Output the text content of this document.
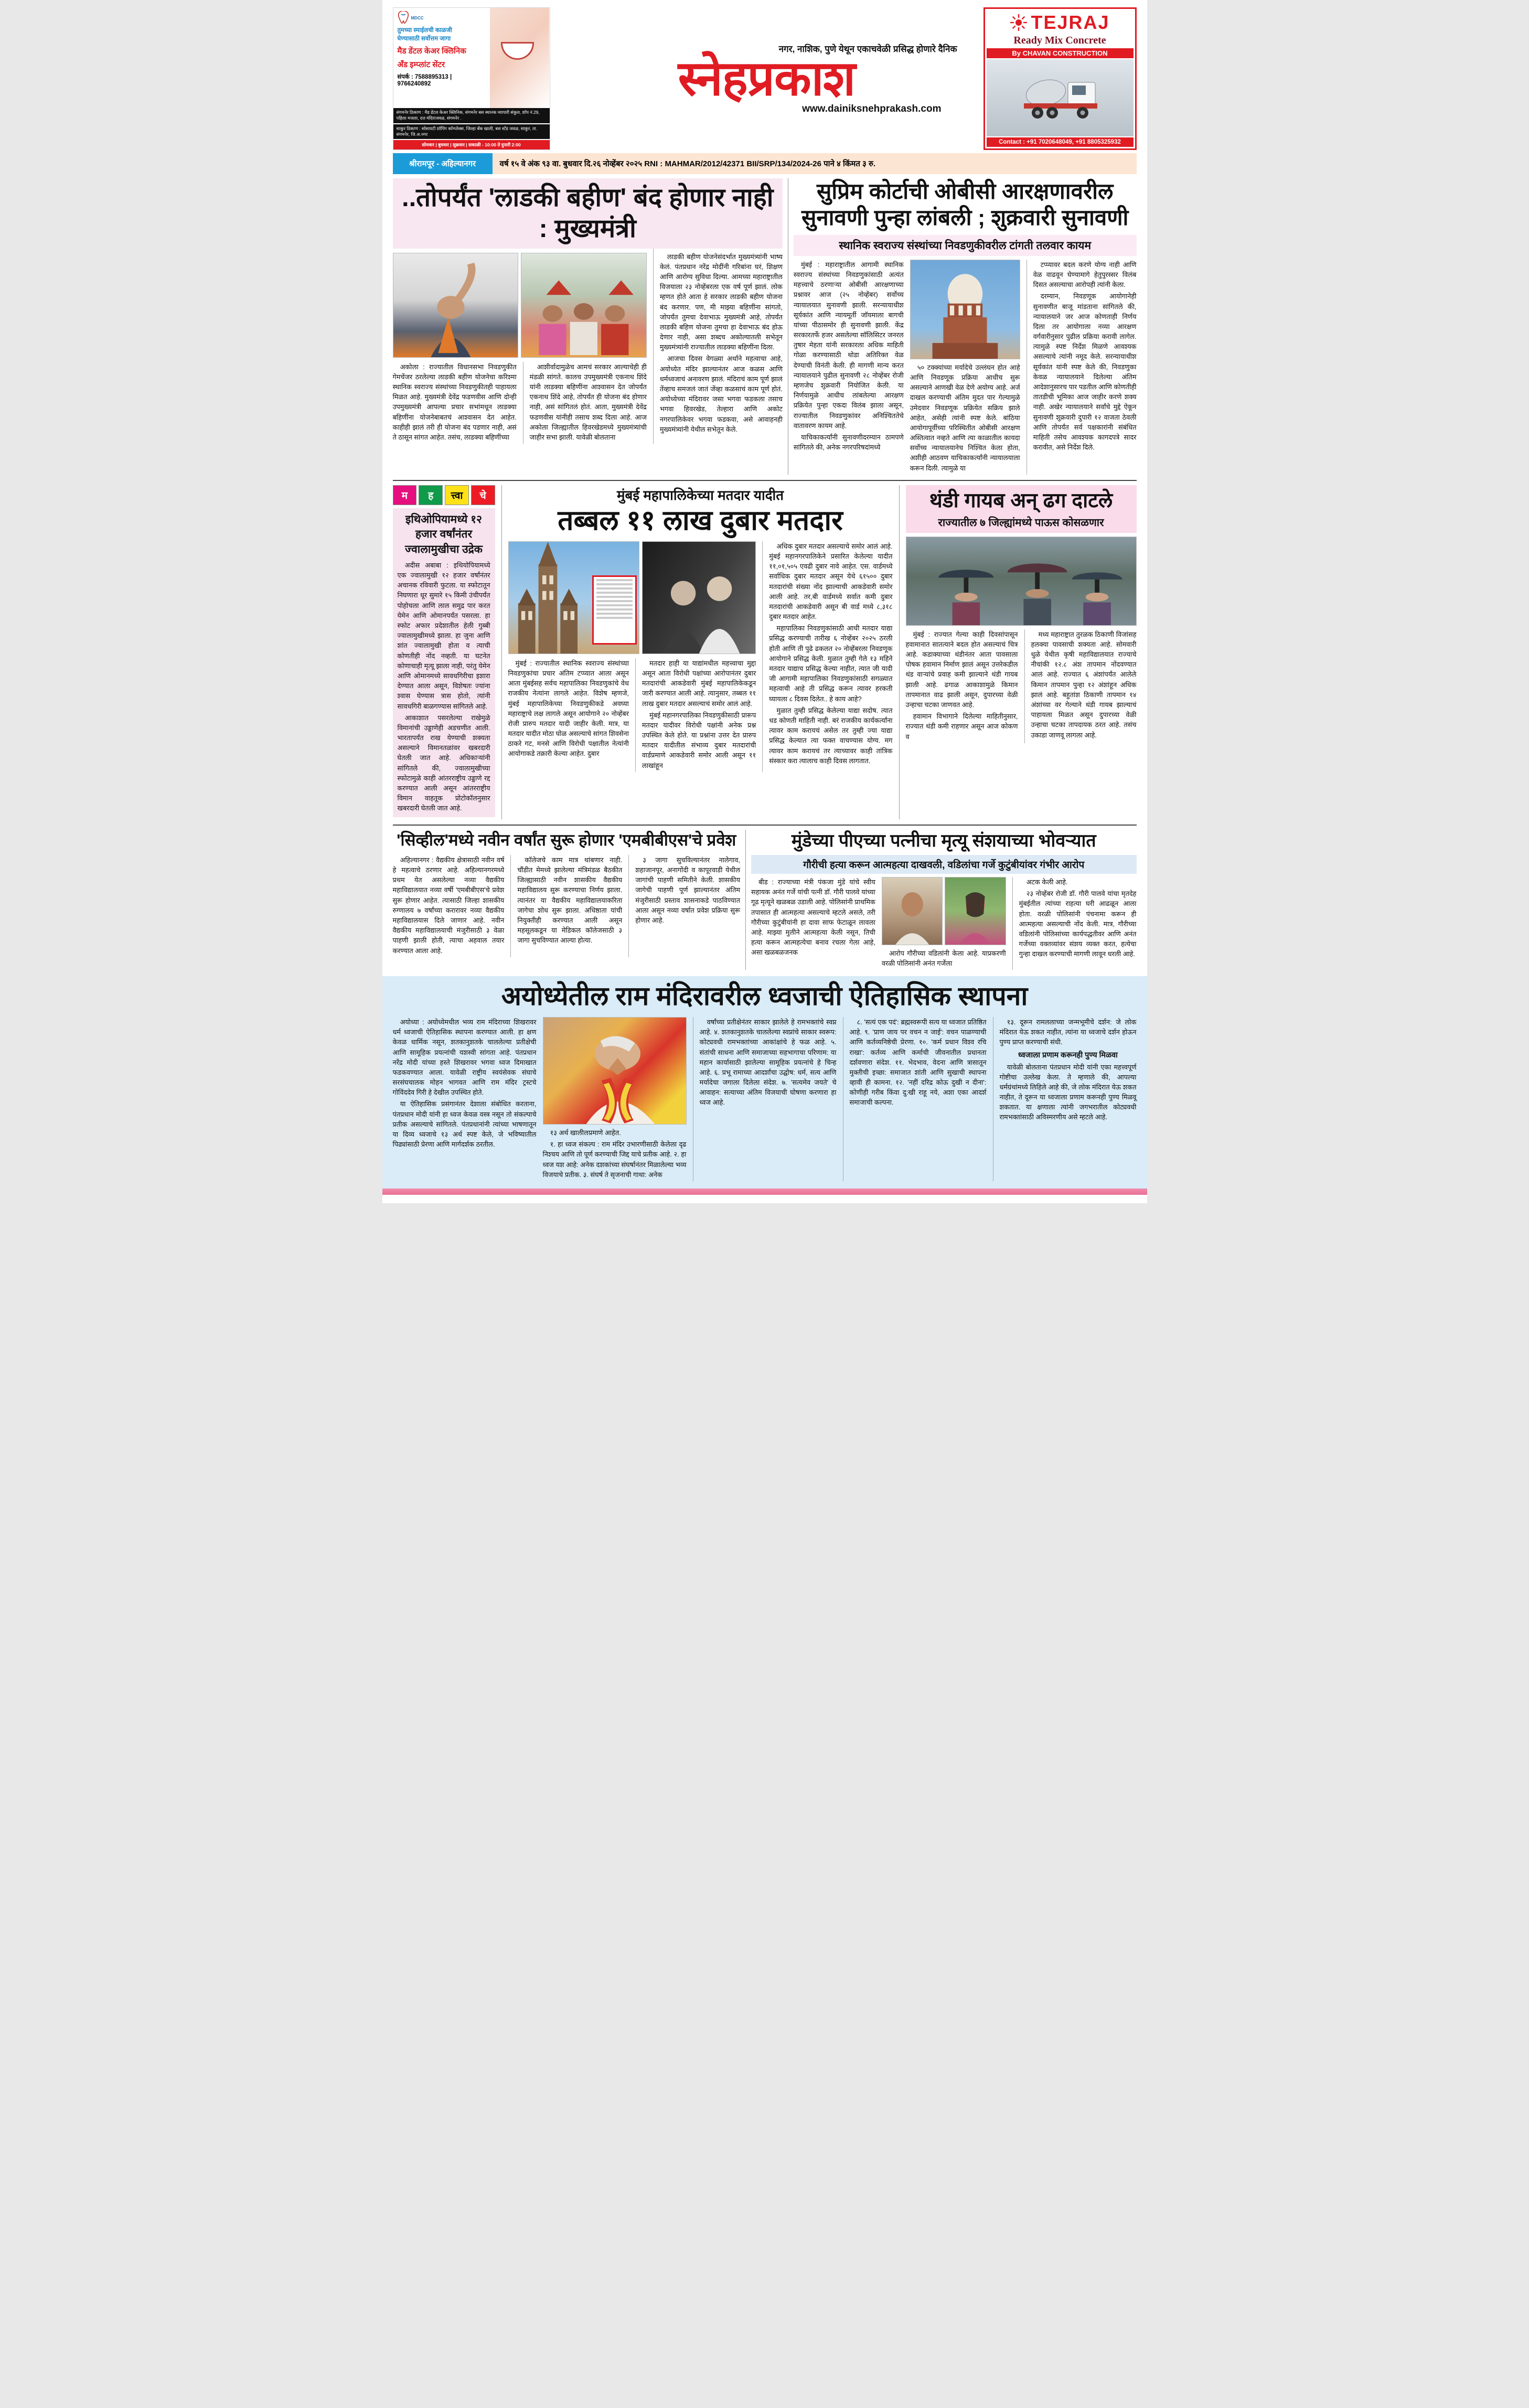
MDCC
तुमच्या स्माईलची काळजी
घेण्यासाठी सर्वोत्तम जागा
मैड डेंटल केअर क्लिनिक
अँड इम्प्लांट सेंटर
संपर्क : 7588895313 | 9766240892
संगमनेर ठिकाण : मैड डेंटल केअर क्लिनिक, संगमनेर बस स्थानक व्यापारी संकुल, शॉप नं.29, पहिला मजला, दत्त मंदिराजवळ, संगमनेर .
साकुर ठिकाण : सोसायटी शॉपिंग कॉम्प्लेक्स, जिल्हा बँक खाली, बस स्टँड जवळ, साकुर, ता. संगमनेर, जि.अ.नगर
सोमवार | बुधवार | शुक्रवार | सकाळी - 10:00 ते दुपारी 2:00
नगर, नाशिक, पुणे येथून एकाचवेळी प्रसिद्ध होणारे दैनिक
स्नेहप्रकाश
www.dainiksnehprakash.com
TEJRAJ
Ready Mix Concrete
By CHAVAN CONSTRUCTION
Contact : +91 7020648049, +91 8805325932
श्रीरामपूर - अहिल्यानगर	वर्ष १५ वे अंक ९३ वा. बुधवार दि.२६ नोव्हेंबर २०२५ RNI : MAHMAR/2012/42371 BII/SRP/134/2024-26 पाने ४ किंमत ३ रु.
..तोपर्यंत 'लाडकी बहीण' बंद होणार नाही : मुख्यमंत्री

अकोला : राज्यातील विधानसभा निवडणुकीत गेमचेंजर ठरलेल्या लाडकी बहीण योजनेचा करिश्मा स्थानिक स्वराज्य संस्थांच्या निवडणुकीतही पाहायला मिळत आहे. मुख्यमंत्री देवेंद्र फडणवीस आणि दोन्ही उपमुख्यमंत्री आपल्या प्रचार सभांमधून लाडक्या बहिणींना योजनेबाबतचं आश्वासन देत आहेत. काहीही झालं तरी ही योजना बंद पडणार नाही, असं ते ठासून सांगत आहेत. तसंच, लाडक्या बहिणींच्या

आशीर्वादामुळेच आमचं सरकार आल्याचेही ही मंडळी सांगते. कालच उपमुख्यमंत्री एकनाथ शिंदे यांनी लाडक्या बहिणींना आश्वासन देत जोपर्यंत एकनाथ शिंदे आहे, तोपर्यंत ही योजना बंद होणार नाही, असं सांगितलं होतं. आता, मुख्यमंत्री देवेंद्र फडणवीस यांनीही तसाच शब्द दिला आहे. आज अकोला जिल्ह्यातील हिवरखेडमध्ये मुख्यमंत्र्यांची जाहीर सभा झाली. यावेळी बोलताना

लाडकी बहीण योजनेसंदर्भात मुख्यमंत्र्यांनी भाष्य केलं. पंतप्रधान नरेंद्र मोदींनी गरिबांना घरं, शिक्षण आणि आरोग्य सुविधा दिल्या. आमच्या महाराष्ट्रातील विजयाला २३ नोव्हेंबरला एक वर्ष पूर्ण झालं. लोक म्हणत होते आता हे सरकार लाडकी बहीण योजना बंद करणार. पण, मी माझ्या बहिणींना सांगतो, जोपर्यंत तुमचा देवाभाऊ मुख्यमंत्री आहे, तोपर्यंत लाडकी बहिण योजना तुमचा हा देवाभाऊ बंद होऊ देणार नाही, असा शब्दच अकोल्यातली सभेतून मुख्यमंत्र्यांनी राज्यातील लाडक्या बहिणींना दिला.

आजचा दिवस वेगळ्या अर्थाने महत्वाचा आहे, अयोध्येत मंदिर झाल्यानंतर आज कळस आणि धर्मध्वजाचं अनावरण झालं. मंदिराचं काम पूर्ण झालं तेंव्हाच समजलं जातं जेंव्हा कळसाचं काम पूर्ण होतं. अयोध्येच्या मंदिरावर जसा भगवा फडकला तसाच भगवा हिवरखेड, तेल्हारा आणि अकोट नगरपालिकेवर भगवा फडकवा, असे आवाहनही मुख्यमंत्र्यांनी येथील सभेतून केले.

सुप्रिम कोर्टाची ओबीसी आरक्षणावरील सुनावणी पुन्हा लांबली ; शुक्रवारी सुनावणी
स्थानिक स्वराज्य संस्थांच्या निवडणुकीवरील टांगती तलवार कायम

मुंबई : महाराष्ट्रातील आगामी स्थानिक स्वराज्य संस्थांच्या निवडणुकांसाठी अत्यंत महत्त्वाचे ठरणाऱ्या ओबीसी आरक्षणाच्या प्रश्नावर आज (२५ नोव्हेंबर) सर्वोच्च न्यायालयात सुनावणी झाली. सरन्यायाधीश सूर्यकांत आणि न्यायमूर्ती जॉयमाला बागची यांच्या पीठासमोर ही सुनावणी झाली. केंद्र सरकारतर्फे हजर असलेल्या सॉलिसिटर जनरल तुषार मेहता यांनी सरकारला अधिक माहिती गोळा करण्यासाठी थोडा अतिरिक्त वेळ देण्याची विनंती केली. ही मागणी मान्य करत न्यायालयाने पुढील सुनावणी २८ नोव्हेंबर रोजी म्हणजेच शुक्रवारी नियोजित केली. या निर्णयामुळे आधीच लांबलेल्या आरक्षण प्रक्रियेत पुन्हा एकदा विलंब झाला असून, राज्यातील निवडणुकांवर अनिश्चिततेचे वातावरण कायम आहे.

याचिकाकर्त्यांनी सुनावणीदरम्यान ठामपणे सांगितले की, अनेक नगरपरिषदांमध्ये

५० टक्क्यांच्या मर्यादेचे उल्लंघन होत आहे आणि निवडणूक प्रक्रिया आधीच सुरू असल्याने आणखी वेळ देणे अयोग्य आहे. अर्ज दाखल करण्याची अंतिम मुदत पार गेल्यामुळे उमेदवार निवडणूक प्रक्रियेत सक्रिय झाले आहेत, असेही त्यांनी स्पष्ट केले. बांठिया आयोगापूर्वीच्या परिस्थितीत ओबीसी आरक्षण अस्तित्वात नव्हते आणि त्या काळातील कायदा सर्वोच्च न्यायालयानेच निश्चित केला होता, अशीही आठवण याचिकाकर्त्यांनी न्यायालयाला करून दिली. त्यामुळे या

टप्प्यावर बदल करणे योग्य नाही आणि वेळ वाढवून घेण्यामागे हेतुपुरस्सर विलंब दिसत असल्याचा आरोपही त्यांनी केला.

दरम्यान, निवडणूक आयोगानेही सुनावणीत बाजू मांडताना सांगितले की, न्यायालयाने जर आज कोणताही निर्णय दिला तर आयोगाला नव्या आरक्षण वर्गवारीनुसार पुढील प्रक्रिया करावी लागेल. त्यामुळे स्पष्ट निर्देश मिळणे आवश्यक असल्याचे त्यांनी नमूद केले. सरन्यायाधीश सूर्यकांत यांनी स्पष्ट केले की, निवडणुका केवळ न्यायालयाने दिलेल्या अंतिम आदेशानुसारच पार पडतील आणि कोणतीही तातडीची भूमिका आज जाहीर करणे शक्य नाही. अखेर न्यायालयाने सर्वांचे मुद्दे ऐकून सुनावणी शुक्रवारी दुपारी १२ वाजता ठेवली आणि तोपर्यंत सर्व पक्षकारांनी संबंधित माहिती तसेच आवश्यक कागदपत्रे सादर करावीत, असे निर्देश दिले.

म	ह	त्त्वा	चे
इथिओपियामध्ये १२ हजार वर्षांनंतर ज्वालामुखीचा उद्रेक

अदीस अबाबा : इथियोपियामध्ये एक ज्वालामुखी १२ हजार वर्षांनंतर अचानक रविवारी फुटला. या स्फोटातून निघणारा धूर सुमारे १५ किमी उंचीपर्यंत पोहोचला आणि लाल समुद्र पार करत येमेन आणि ओमानपर्यंत पसरला. हा स्फोट अफार प्रदेशातील हेली गुब्बी ज्वालामुखीमध्ये झाला. हा जुना आणि शांत ज्वालामुखी होता व त्याची कोणतीही नोंद नव्हती. या घटनेत कोणाचाही मृत्यू झाला नाही, परंतु येमेन आणि ओमानमध्ये सावधगिरीचा इशारा देण्यात आला असून, विशेषतः ज्यांना श्वास घेण्यास त्रास होतो, त्यांनी सावधगिरी बाळगण्यास सांगितले आहे.

आकाशात पसरलेल्या राखेमुळे विमानांची उड्डाणेही अडचणीत आली. भारतापर्यंत राख येण्याची शक्यता असल्याने विमानतळांवर खबरदारी घेतली जात आहे. अधिकाऱ्यांनी सांगितले की, ज्वालामुखीच्या स्फोटामुळे काही आंतरराष्ट्रीय उड्डाणे रद्द करण्यात आली असून आंतरराष्ट्रीय विमान वाहतूक प्रोटोकॉलनुसार खबरदारी घेतली जात आहे.

मुंबई महापालिकेच्या मतदार यादीत
तब्बल ११ लाख दुबार मतदार

मुंबई : राज्यातील स्थानिक स्वराज्य संस्थांच्या निवडणुकांचा प्रचार अंतिम टप्प्यात आला असून आता मुंबईसह सर्वच महापालिका निवडणुकांचे वेध राजकीय नेत्यांना लागले आहेत. विशेष म्हणजे, मुंबई महापालिकेच्या निवडणुकीकडे अवघ्या महाराष्ट्राचे लक्ष लागले असून आयोगाने २० नोव्हेंबर रोजी प्रारुप मतदार यादी जाहीर केली. मात्र, या मतदार यादीत मोठा घोळ असल्याचे सांगत शिवसेना ठाकरे गट, मनसे आणि विरोधी पक्षातील नेत्यांनी आयोगाकडे तक्रारी केल्या आहेत. दुबार

मतदार हाही या याद्यांमधील महत्त्वाचा मुद्दा असून आता विरोधी पक्षांच्या आरोपानंतर दुबार मतदारांची आकडेवारी मुंबई महापालिकेकडून जारी करण्यात आली आहे. त्यानुसार, तब्बल ११ लाख दुबार मतदार असल्याचं समोर आलं आहे.

मुंबई महानगरपालिका निवडणुकीसाठी प्रारूप मतदार यादीवर विरोधी पक्षांनी अनेक प्रश्न उपस्थित केले होते. या प्रश्नांना उत्तर देत प्रारुप मतदार यादीतील संभाव्य दुबार मतदारांची वार्डप्रमाणे आकडेवारी समोर आली असून ११ लाखांहून

अधिक दुबार मतदार असल्याचे समोर आलं आहे. मुंबई महानगरपालिकेने प्रसारित केलेल्या यादीत ११,०१,५०५ एवढी दुबार नावे आहेत. एस. वार्डमध्ये सर्वाधिक दुबार मतदार असून येथे ६१५०० दुबार मतदारांची संख्या नोंद झाल्याची आकडेवारी समोर आली आहे. तर,बी वार्डमध्ये सर्वात कमी दुबार मतदारांची आकडेवारी असून बी वार्ड मध्ये ८,३१८ दुबार मतदार आहेत.

महापालिका निवडणुकांसाठी आधी मतदार याद्या प्रसिद्ध करण्याची तारीख ६ नोव्हेंबर २०२५ ठरली होती आणि ती पुढे ढकलत २० नोव्हेंबरला निवडणूक आयोगाने प्रसिद्ध केली. मुळात तुम्ही गेले १३ महिने मतदार याद्याच प्रसिद्ध केल्या नाहीत, त्यात जी यादी जी आगामी महापालिका निवडणुकांसाठी सगळ्यात महत्वाची आहे ती प्रसिद्ध करून त्यावर हरकती घ्यायला ८ दिवस दिलेत.. हे काय आहे?

मुळात तुम्ही प्रसिद्ध केलेल्या याद्या सदोष. त्यात धड कोणती माहिती नाही. बरं राजकीय कार्यकर्त्यांना त्यावर काम करायचं असेल तर तुम्ही ज्या याद्या प्रसिद्ध केल्यात त्या फक्त वाचण्यास योग्य. मग त्यावर काम करायचं तर त्याच्यावर काही तांत्रिक संस्कार करा त्यालाच काही दिवस लागतात.

थंडी गायब अन् ढग दाटले
राज्यातील ७ जिल्ह्यांमध्ये पाऊस कोसळणार

मुंबई : राज्यात गेल्या काही दिवसांपासून हवामानात सातत्याने बदल होत असल्याचं चित्र आहे. कडाक्याच्या थंडीनंतर आता पावसाला पोषक हवामान निर्माण झालं असून उत्तरेकडील थंड वाऱ्यांचे प्रवाह कमी झाल्याने थंडी गायब झाली आहे. ढगाळ आकाशामुळे किमान तापमानात वाढ झाली असून, दुपारच्या वेळी उन्हाचा चटका जाणवत आहे.

हवामान विभागाने दिलेल्या माहितीनुसार, राज्यात थंडी कमी राहणार असून आज कोकण व

मध्य महाराष्ट्रात तुरळक ठिकाणी विजांसह हलक्या पावसाची शक्यता आहे. सोमवारी धुळे येथील कृषी महाविद्यालयात राज्याचे नीचांकी १२.८ अंश तापमान नोंदवण्यात आलं आहे. राज्यात ६ अंशांपर्यंत आलेले किमान तापमान पुन्हा १२ अंशांहून अधिक झालं आहे. बहुतांश ठिकाणी तापमान १४ अंशांच्या वर गेल्याने थंडी गायब झाल्याचं पाहायला मिळत असून दुपारच्या वेळी उन्हाचा चटका तापदायक ठरत आहे. तसंच उकाडा जाणवू लागला आहे.

'सिव्हील'मध्ये नवीन वर्षांत सुरू होणार 'एमबीबीएस'चे प्रवेश

अहिल्यानगर : वैद्यकीय क्षेत्रासाठी नवीन वर्ष हे महत्वाचे ठरणार आहे. अहिल्यानगरमध्ये प्रथम येत असलेल्या नव्या वैद्यकीय महाविद्यालयात नव्या वर्षी 'एमबीबीएस'चे प्रवेश सुरू होणार आहेत. त्यासाठी जिल्हा शासकीय रुग्णालय ७ वर्षांच्या करारावर नव्या वैद्यकीय महाविद्यालयास दिले जाणार आहे. नवीन वैद्यकीय महाविद्यालयाची मंजुरीसाठी ३ वेळा पाहणी झाली होती, त्याचा अहवाल तयार करण्यात आला आहे.

कॉलेजचे काम मात्र थांबणार नाही. चौंडीत मेमध्ये झालेल्या मंत्रिमंडळ बैठकीत जिल्ह्यासाठी नवीन शासकीय वैद्यकीय महाविद्यालय सुरू करण्याचा निर्णय झाला. त्यानंतर या वैद्यकीय महाविद्यालयाकरिता जागेचा शोध सुरू झाला. अधिष्ठाता यांची नियुक्तीही करण्यात आली असून महसूलकडून या मेडिकल कॉलेजसाठी ३ जागा सुचविण्यात आल्या होत्या.

३ जागा सुचविल्यानंतर नालेगाव, शहाजानपूर, अनागोंदी व कापूरवाडी येथील जागांची पाहणी समितीने केली. शासकीय जागेची पाहणी पूर्ण झाल्यानंतर अंतिम मंजुरीसाठी प्रस्ताव शासनाकडे पाठविण्यात आला असून नव्या वर्षात प्रवेश प्रक्रिया सुरू होणार आहे.

मुंडेच्या पीएच्या पत्नीचा मृत्यू संशयाच्या भोवऱ्यात
गौरीची हत्या करून आत्महत्या दाखवली, वडिलांचा गर्जे कुटुंबीयांवर गंभीर आरोप

बीड : राज्याच्या मंत्री पंकजा मुंडे यांचे स्वीय सहायक अनंत गर्जे यांची पत्नी डॉ. गौरी पालवे यांच्या गूढ मृत्यूने खळबळ उडाली आहे. पोलिसांनी प्राथमिक तपासात ही आत्महत्या असल्याचे म्हटले असले, तरी गौरीच्या कुटुंबीयांनी हा दावा साफ फेटाळून लावला आहे. माझ्या मुलीने आत्महत्या केली नसून, तिची हत्या करून आत्महत्येचा बनाव रचला गेला आहे, असा खळबळजनक	आरोप गौरीच्या वडिलांनी केला आहे. याप्रकरणी वरळी पोलिसांनी अनंत गर्जेला

अटक केली आहे.

२३ नोव्हेंबर रोजी डॉ. गौरी पालवे यांचा मृतदेह मुंबईतील त्यांच्या राहत्या घरी आढळून आला होता. वरळी पोलिसांनी पंचनामा करून ही आत्महत्या असल्याची नोंद केली. मात्र, गौरीच्या वडिलांनी पोलिसांच्या कार्यपद्धतीवर आणि अनंत गर्जेच्या वक्तव्यांवर संशय व्यक्त करत, हत्येचा गुन्हा दाखल करण्याची मागणी लावून धरली आहे.

अयोध्येतील राम मंदिरावरील ध्वजाची ऐतिहासिक स्थापना

अयोध्या : अयोध्येमधील भव्य राम मंदिराच्या शिखरावर धर्म ध्वजाची ऐतिहासिक स्थापना करण्यात आली. हा क्षण केवळ धार्मिक नसून, शतकानुशतके चाललेल्या प्रतीक्षेची आणि सामूहिक प्रयत्नांची यशस्वी सांगता आहे. पंतप्रधान नरेंद्र मोदी यांच्या हस्ते शिखरावर भगवा ध्वज दिमाखात फडकवण्यात आला. यावेळी राष्ट्रीय स्वयंसेवक संघाचे सरसंघचालक मोहन भागवत आणि राम मंदिर ट्रस्टचे गोविंददेव गिरी हे देखील उपस्थित होते.

या ऐतिहासिक प्रसंगानंतर देशाला संबोधित करताना, पंतप्रधान मोदी यांनी हा ध्वज केवळ वस्त्र नसून तो संकल्पाचे प्रतीक असल्याचे सांगितले. पंतप्रधानांनी त्यांच्या भाषणातून या दिव्य ध्वजाचे १३ अर्थ स्पष्ट केले, जे भविष्यातील पिढ्यांसाठी प्रेरणा आणि मार्गदर्शक ठरतील.

१३ अर्थ खालीलप्रमाणे आहेत.

१. हा ध्वज संकल्प : राम मंदिर उभारणीसाठी केलेला दृढ निश्चय आणि तो पूर्ण करण्याची जिद्द याचे प्रतीक आहे. २. हा ध्वज यश आहे: अनेक दशकांच्या संघर्षानंतर मिळालेल्या भव्य विजयाचे प्रतीक. ३. संघर्ष ते सृजनाची गाथा: अनेक

वर्षांच्या प्रतीक्षेनंतर साकार झालेले हे रामभक्तांचे स्वप्न आहे. ४. शतकानुशतके चाललेल्या स्वप्नांचे साकार स्वरूप: कोट्यवधी रामभक्तांच्या आकांक्षांचे हे फळ आहे. ५. संतांची साधना आणि समाजाच्या सहभागाचा परिणाम: या महान कार्यासाठी झालेल्या सामूहिक प्रयत्नांचे हे चिन्ह आहे. ६. प्रभू रामाच्या आदर्शांचा उद्घोष: धर्म, सत्य आणि मर्यादेचा जगाला दिलेला संदेश. ७. 'सत्यमेव जयते' चे आवाहन: सत्याच्या अंतिम विजयाची घोषणा करणारा हा ध्वज आहे.

८. 'सत्यं एक पदं': ब्रह्मस्वरूपी सत्य या ध्वजात प्रतिष्ठित आहे. ९. 'प्राण जाय पर वचन न जाई': वचन पाळण्याची आणि कर्तव्यनिष्ठेची प्रेरणा. १०. 'कर्म प्रधान विश्व रचि राखा': कर्तव्य आणि कर्माची जीवनातील प्रधानता दर्शवणारा संदेश. ११. भेदभाव, वेदना आणि त्रासातून मुक्तीची इच्छा: समाजात शांती आणि सुखाची स्थापना व्हावी ही कामना. १२. 'नहीं दरिद्र कोऊ दुखी न दीना': कोणीही गरीब किंवा दु:खी राहू नये, अशा एका आदर्श समाजाची कल्पना.

१३. दूरून रामललाच्या जन्मभूमीचे दर्शन: जे लोक मंदिरात येऊ शकत नाहीत, त्यांना या ध्वजाचे दर्शन होऊन पुण्य प्राप्त करण्याची संधी.

ध्वजाला प्रणाम करूनही पुण्य मिळवा

यावेळी बोलताना पंतप्रधान मोदी यांनी एका महत्त्वपूर्ण गोष्टीचा उल्लेख केला. ते म्हणाले की, आपल्या धर्मग्रंथांमध्ये लिहिले आहे की, जे लोक मंदिरात येऊ शकत नाहीत, ते दूरून या ध्वजाला प्रणाम करूनही पुण्य मिळवू शकतात. या क्षणाला त्यांनी जगभरातील कोट्यवधी रामभक्तांसाठी अविस्मरणीय असे म्हटले आहे.
